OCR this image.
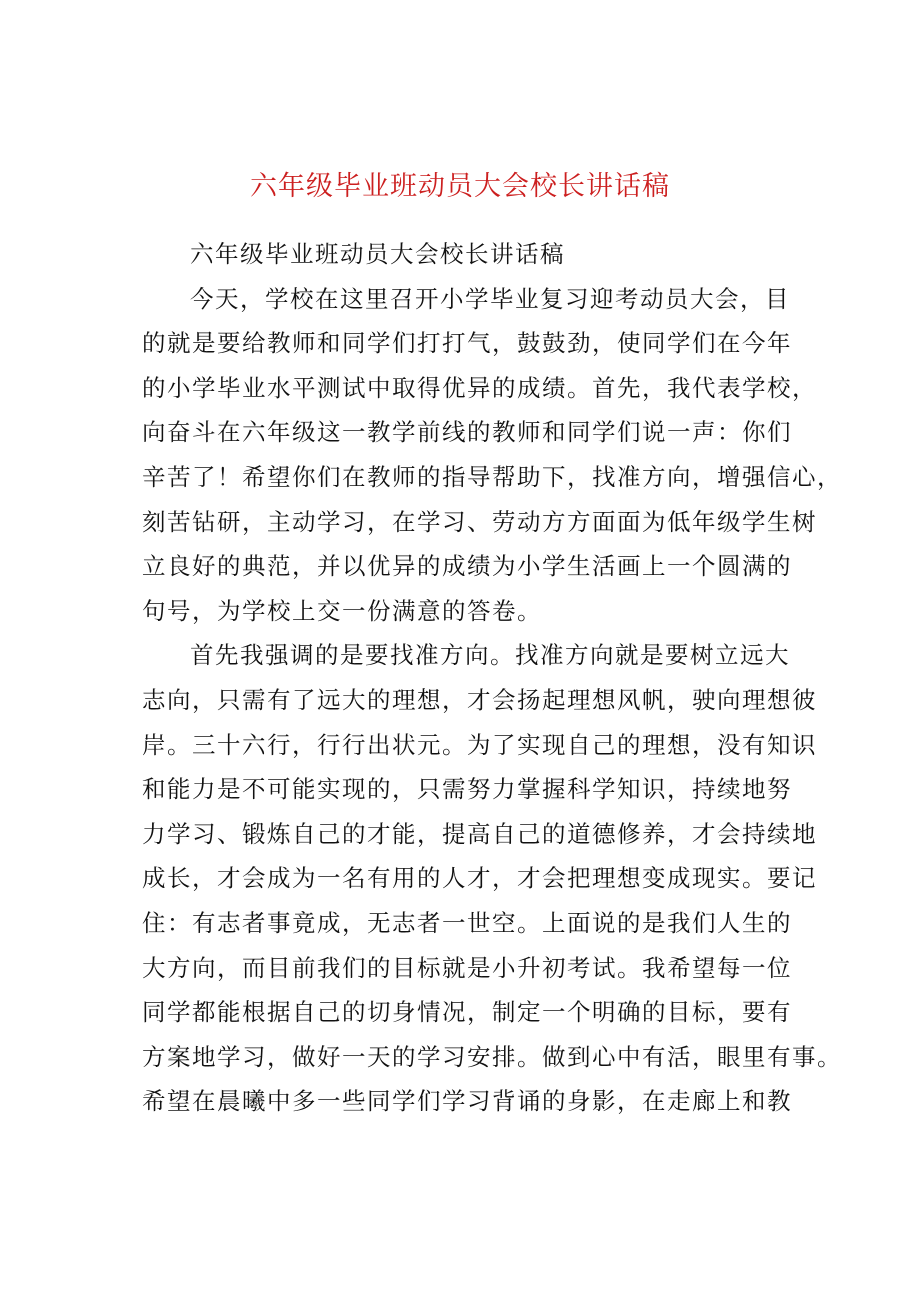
六年级毕业班动员大会校长讲话稿
六年级毕业班动员大会校长讲话稿
今天，学校在这里召开小学毕业复习迎考动员大会，目
的就是要给教师和同学们打打气，鼓鼓劲，使同学们在今年
的小学毕业水平测试中取得优异的成绩。首先，我代表学校，
向奋斗在六年级这一教学前线的教师和同学们说一声：你们
辛苦了！希望你们在教师的指导帮助下，找准方向，增强信心，
刻苦钻研，主动学习，在学习、劳动方方面面为低年级学生树
立良好的典范，并以优异的成绩为小学生活画上一个圆满的
句号，为学校上交一份满意的答卷。
首先我强调的是要找准方向。找准方向就是要树立远大
志向，只需有了远大的理想，才会扬起理想风帆，驶向理想彼
岸。三十六行，行行出状元。为了实现自己的理想，没有知识
和能力是不可能实现的，只需努力掌握科学知识，持续地努
力学习、锻炼自己的才能，提高自己的道德修养，才会持续地
成长，才会成为一名有用的人才，才会把理想变成现实。要记
住：有志者事竟成，无志者一世空。上面说的是我们人生的
大方向，而目前我们的目标就是小升初考试。我希望每一位
同学都能根据自己的切身情况，制定一个明确的目标，要有
方案地学习，做好一天的学习安排。做到心中有活，眼里有事。
希望在晨曦中多一些同学们学习背诵的身影，在走廊上和教
